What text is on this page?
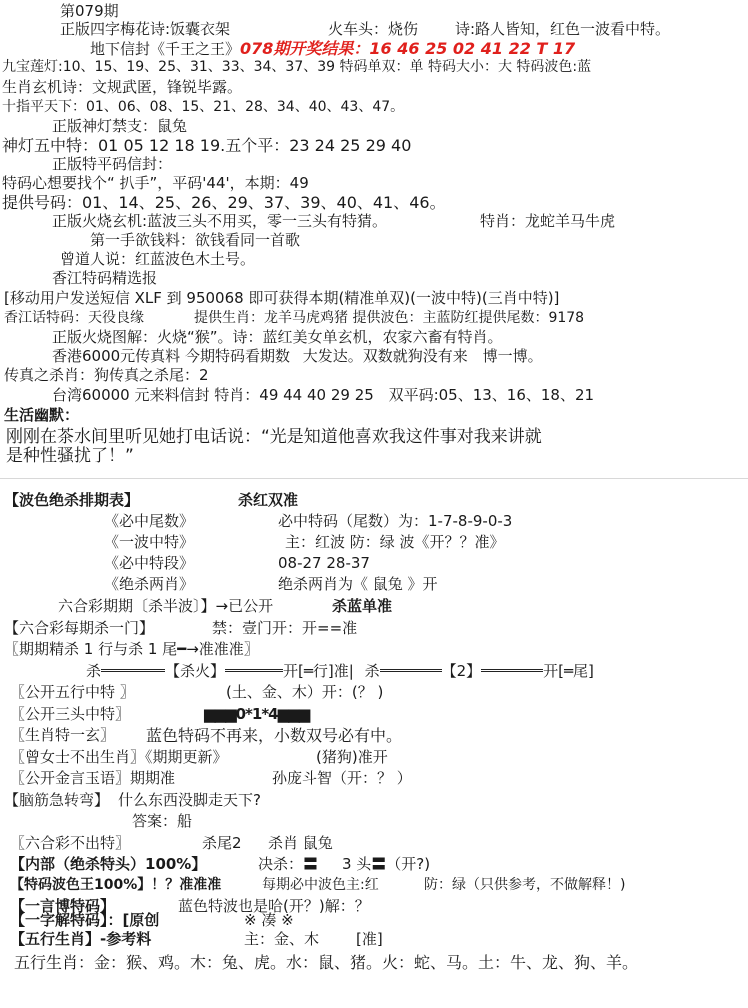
第079期
正版四字梅花诗:饭囊衣架	火车头：烧伤 诗:路人皆知，红色一波看中特。
地下信封《千王之王》078期开奖结果：16 46 25 02 41 22 T 17
九宝莲灯:10、15、19、25、31、33、34、37、39 特码单双：单 特码大小：大 特码波色:蓝
生肖玄机诗：文规武匿，锋锐毕露。
十指平天下：01、06、08、15、21、28、34、40、43、47。
正版神灯禁支：鼠兔
神灯五中特：01 05 12 18 19.五个平：23 24 25 29 40
正版特平码信封：
特码心想要找个“ 扒手”，平码'44'，本期：49
提供号码：01、14、25、26、29、37、39、40、41、46。
正版火烧玄机:蓝波三头不用买，零一三头有特猜。	特肖：龙蛇羊马牛虎
第一手欲钱料：欲钱看同一首歌
曾道人说：红蓝波色木土号。
香江特码精选报
[移动用户发送短信 XLF 到 950068 即可获得本期(精准单双)(一波中特)(三肖中特)]
香江话特码：天役良缘	提供生肖：龙羊马虎鸡猪 提供波色：主蓝防红提供尾数：9178
正版火烧图解：火烧“猴”。诗：蓝红美女单玄机，农家六畜有特肖。
香港6000元传真料 今期特码看期数 大发达。双数就狗没有来 博一博。
传真之杀肖：狗传真之杀尾：2
台湾60000 元来料信封 特肖：49 44 40 29 25 双平码:05、13、16、18、21
生活幽默：
刚刚在茶水间里听见她打电话说：“光是知道他喜欢我这件事对我来讲就
是种性骚扰了！”
【波色绝杀排期表】	杀红双准
《必中尾数》	必中特码（尾数）为：1-7-8-9-0-3
《一波中特》	主：红波 防：绿 波《开？？准》
《必中特段》	08-27 28-37
《绝杀两肖》	绝杀两肖为《 鼠兔 》开
六合彩期期〔杀半波〕】→已公开	杀蓝单准
【六合彩每期杀一门】	禁：壹门开：开==准
〖期期精杀 1 行与杀 1 尾━→准准准〗
杀	【杀火】	开[═行]准| 杀	【2】	开[═尾]
〖公开五行中特 〗	(土、金、木）开：(？ )
〖公开三头中特〗	▆▆▆0*1*4▆▆▆
〖生肖特一玄〗 蓝色特码不再来，小数双号必有中。
〖曾女士不出生肖〗《期期更新》	(猪狗)准开
〖公开金言玉语〗期期准	孙庞斗智（开：？ ）
【脑筋急转弯】 什么东西没脚走天下?
答案：船
〖六合彩不出特〗	杀尾2 杀肖 鼠兔
【内部（绝杀特头）100%】	决杀：〓 3 头〓（开?)
【特码波色王100%】！？准准准	每期必中波色主:红	防：绿（只供参考，不做解释！)
【一言博特码】	蓝色特波也是哈(开？)解：？
【一字解特码】：[原创	※ 凑 ※
【五行生肖】-参考料	主：金、木 [准]
五行生肖：金：猴、鸡。木：兔、虎。水：鼠、猪。火：蛇、马。土：牛、龙、狗、羊。
